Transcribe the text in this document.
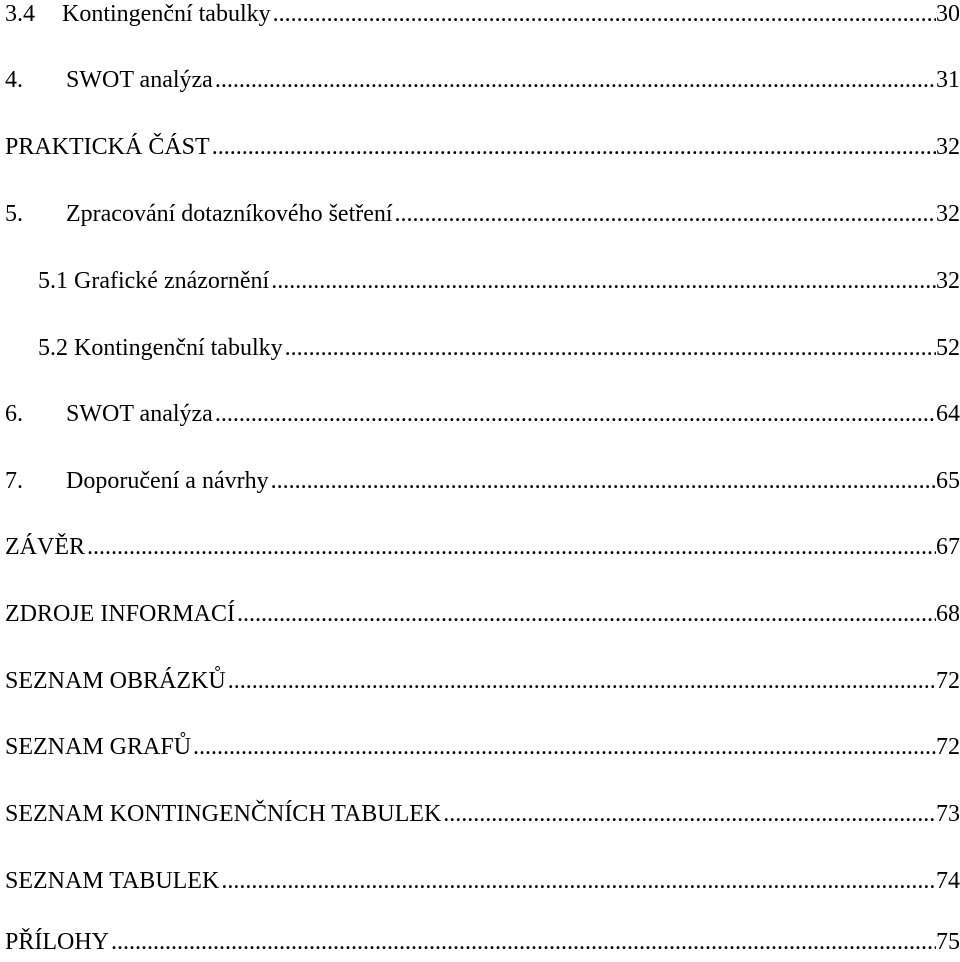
3.4	Kontingenční tabulky .....	30
4.	SWOT analýza .....	31
PRAKTICKÁ ČÁST .....	32
5.	Zpracování dotazníkového šetření .....	32
5.1 Grafické znázornění .....	32
5.2 Kontingenční tabulky .....	52
6.	SWOT analýza .....	64
7.	Doporučení a návrhy .....	65
ZÁVĚR .....	67
ZDROJE INFORMACÍ .....	68
SEZNAM OBRÁZKŮ .....	72
SEZNAM GRAFŮ .....	72
SEZNAM KONTINGENČNÍCH TABULEK .....	73
SEZNAM TABULEK .....	74
PŘÍLOHY .....	75
